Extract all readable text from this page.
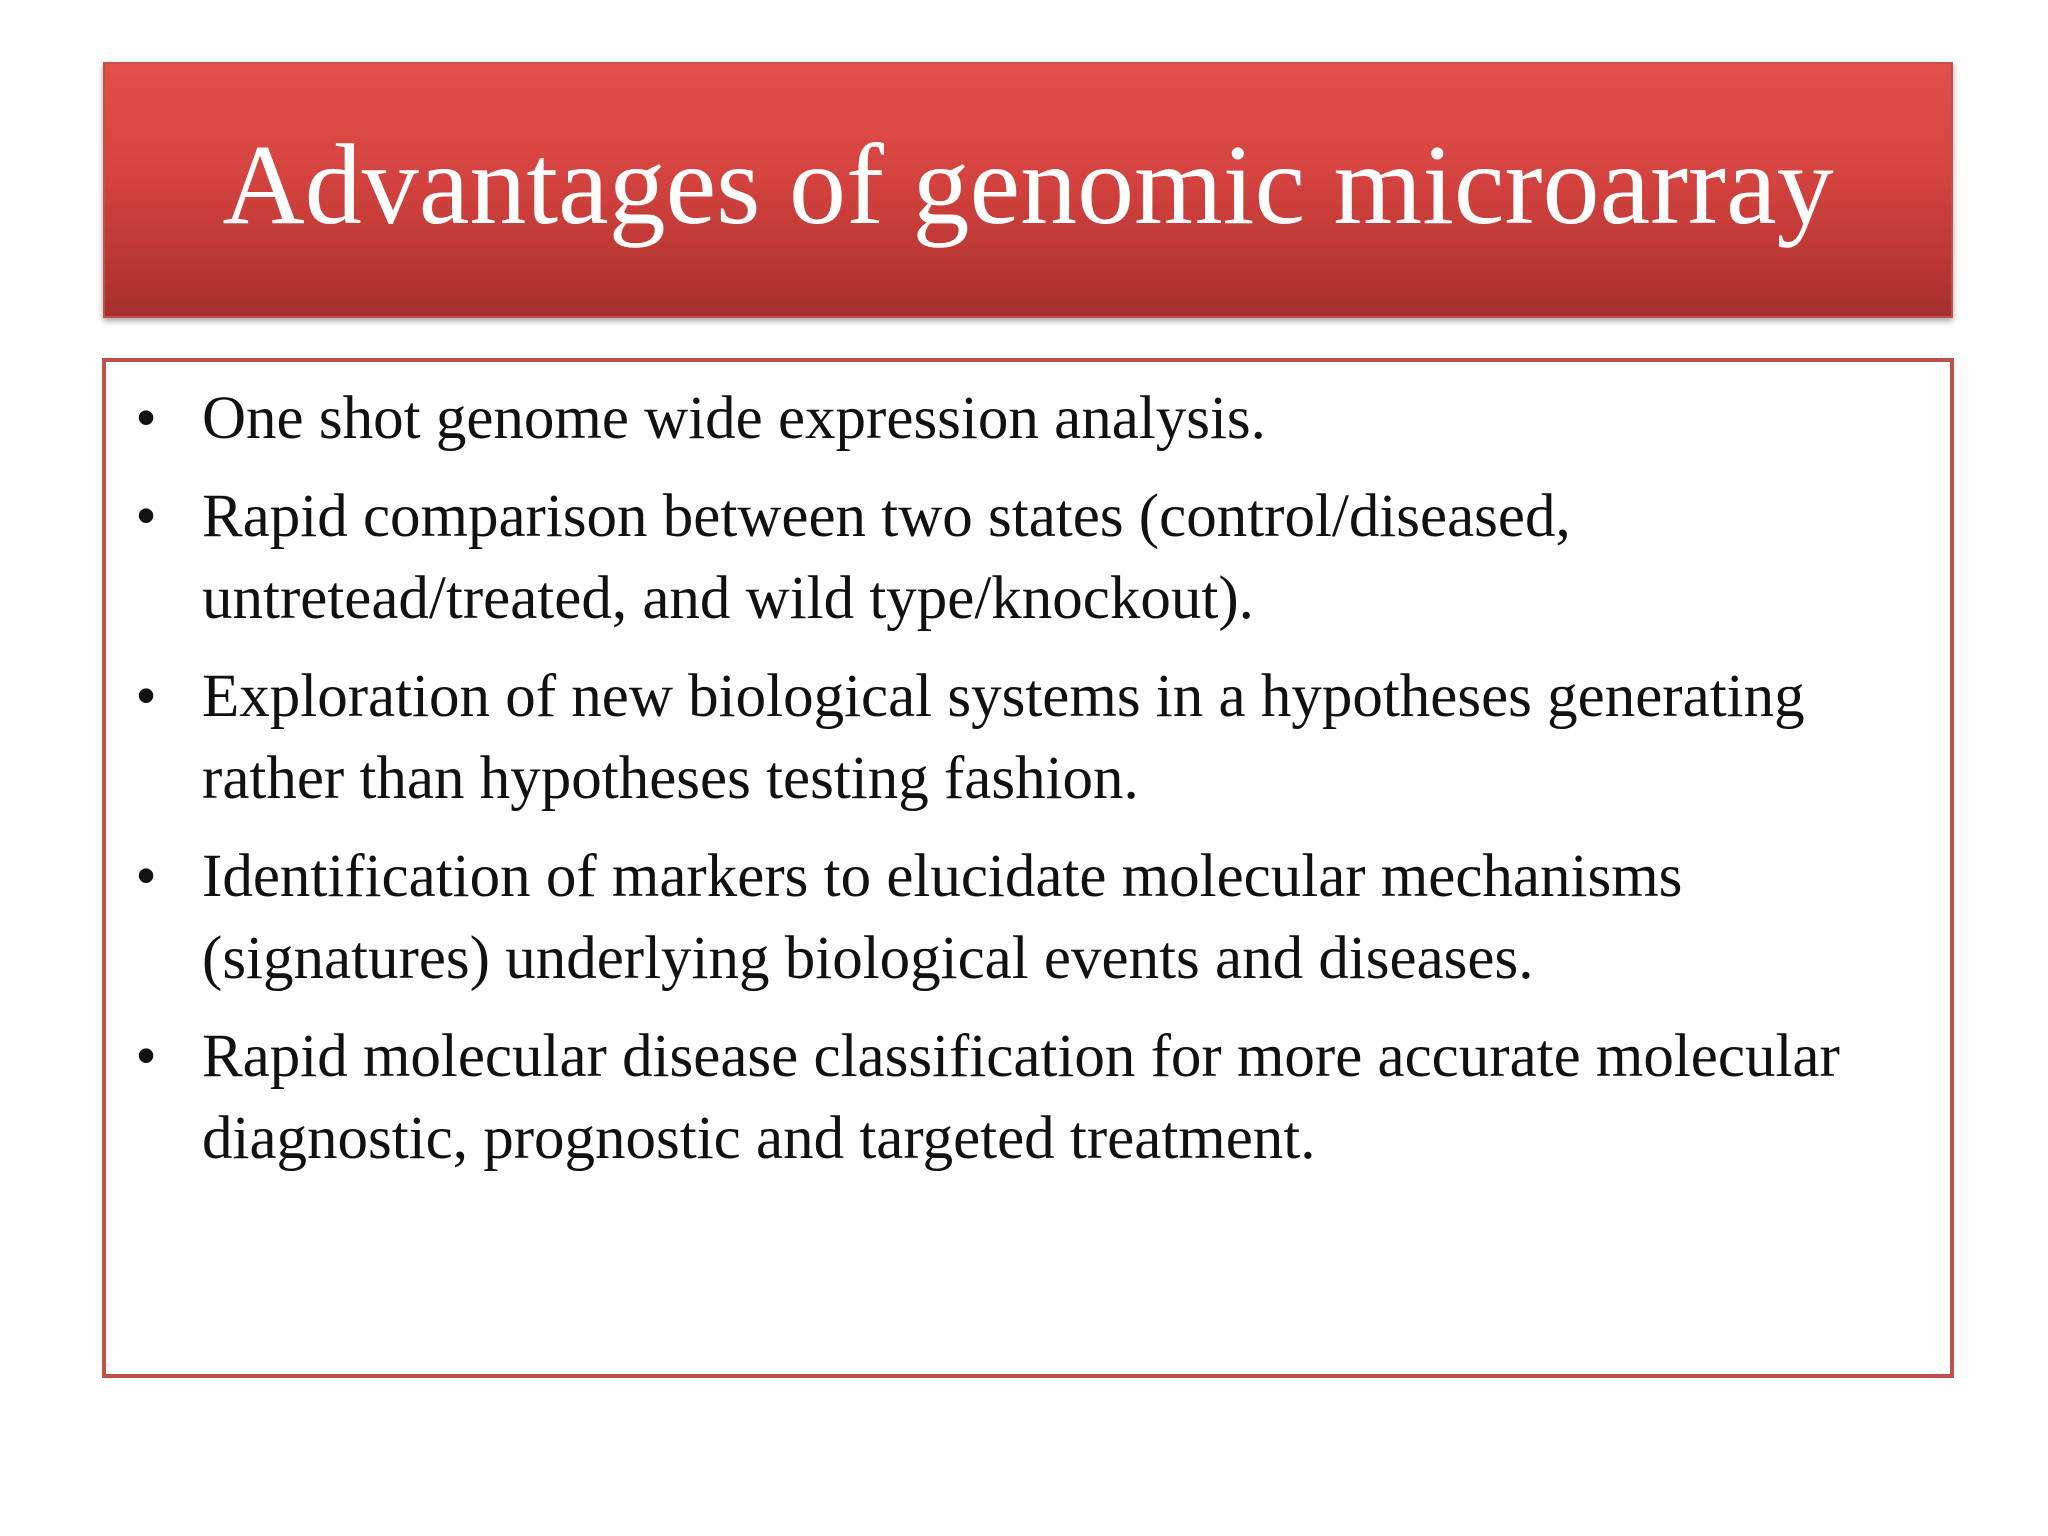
Advantages of genomic microarray
• One shot genome wide expression analysis.
• Rapid comparison between two states (control/diseased, untretead/treated, and wild type/knockout).
• Exploration of new biological systems in a hypotheses generating rather than hypotheses testing fashion.
• Identification of markers to elucidate molecular mechanisms (signatures) underlying biological events and diseases.
• Rapid molecular disease classification for more accurate molecular diagnostic, prognostic and targeted treatment.
